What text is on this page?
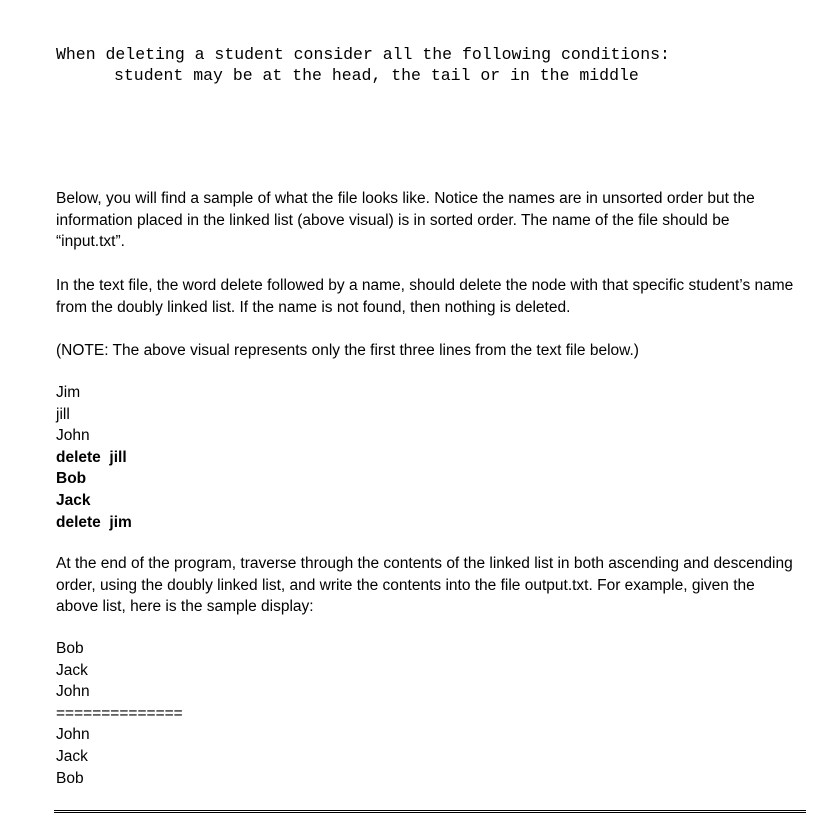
When deleting a student consider all the following conditions:
student may be at the head, the tail or in the middle

Below, you will find a sample of what the file looks like. Notice the names are in unsorted order but the information placed in the linked list (above visual) is in sorted order. The name of the file should be “input.txt”.

In the text file, the word delete followed by a name, should delete the node with that specific student’s name from the doubly linked list. If the name is not found, then nothing is deleted.

(NOTE: The above visual represents only the first three lines from the text file below.)

Jim
jill
John
delete  jill
Bob
Jack
delete  jim

At the end of the program, traverse through the contents of the linked list in both ascending and descending order, using the doubly linked list, and write the contents into the file output.txt. For example, given the above list, here is the sample display:

Bob
Jack
John
==============
John
Jack
Bob
